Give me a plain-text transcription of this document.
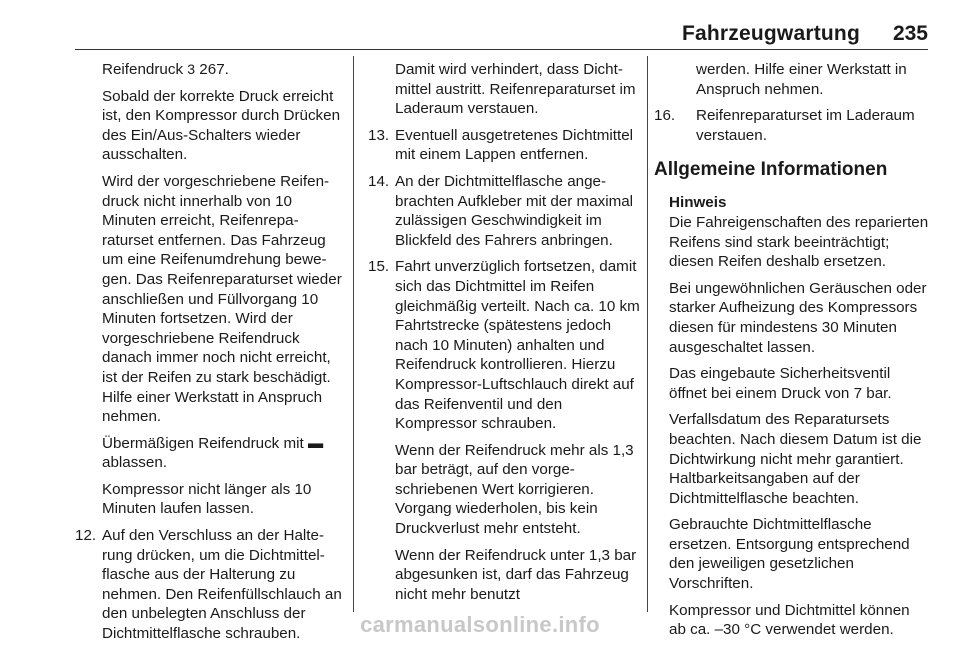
Fahrzeugwartung	235

Reifendruck 3 267.

Sobald der korrekte Druck erreicht ist, den Kompressor durch Drücken des Ein/Aus-Schalters wieder ausschalten.

Wird der vorgeschriebene Reifendruck nicht innerhalb von 10 Minuten erreicht, Reifenreparaturset entfernen. Das Fahrzeug um eine Reifenumdrehung bewegen. Das Reifenreparaturset wieder anschließen und Füllvorgang 10 Minuten fortsetzen. Wird der vorgeschriebene Reifendruck danach immer noch nicht erreicht, ist der Reifen zu stark beschädigt. Hilfe einer Werkstatt in Anspruch nehmen.

Übermäßigen Reifendruck mit ▬ ablassen.

Kompressor nicht länger als 10 Minuten laufen lassen.

12. Auf den Verschluss an der Halterung drücken, um die Dichtmittelflasche aus der Halterung zu nehmen. Den Reifenfüllschlauch an den unbelegten Anschluss der Dichtmittelflasche schrauben.

Damit wird verhindert, dass Dichtmittel austritt. Reifenreparaturset im Laderaum verstauen.

13. Eventuell ausgetretenes Dichtmittel mit einem Lappen entfernen.
14. An der Dichtmittelflasche angebrachten Aufkleber mit der maximal zulässigen Geschwindigkeit im Blickfeld des Fahrers anbringen.
15. Fahrt unverzüglich fortsetzen, damit sich das Dichtmittel im Reifen gleichmäßig verteilt. Nach ca. 10 km Fahrtstrecke (spätestens jedoch nach 10 Minuten) anhalten und Reifendruck kontrollieren. Hierzu Kompressor-Luftschlauch direkt auf das Reifenventil und den Kompressor schrauben.

Wenn der Reifendruck mehr als 1,3 bar beträgt, auf den vorgeschriebenen Wert korrigieren. Vorgang wiederholen, bis kein Druckverlust mehr entsteht.

Wenn der Reifendruck unter 1,3 bar abgesunken ist, darf das Fahrzeug nicht mehr benutzt

werden. Hilfe einer Werkstatt in Anspruch nehmen.

16. Reifenreparaturset im Laderaum verstauen.
Allgemeine Informationen
Hinweis

Die Fahreigenschaften des reparierten Reifens sind stark beeinträchtigt; diesen Reifen deshalb ersetzen.

Bei ungewöhnlichen Geräuschen oder starker Aufheizung des Kompressors diesen für mindestens 30 Minuten ausgeschaltet lassen.

Das eingebaute Sicherheitsventil öffnet bei einem Druck von 7 bar.

Verfallsdatum des Reparatursets beachten. Nach diesem Datum ist die Dichtwirkung nicht mehr garantiert. Haltbarkeitsangaben auf der Dichtmittelflasche beachten.

Gebrauchte Dichtmittelflasche ersetzen. Entsorgung entsprechend den jeweiligen gesetzlichen Vorschriften.

Kompressor und Dichtmittel können ab ca. –30 °C verwendet werden.

carmanualsonline.info
